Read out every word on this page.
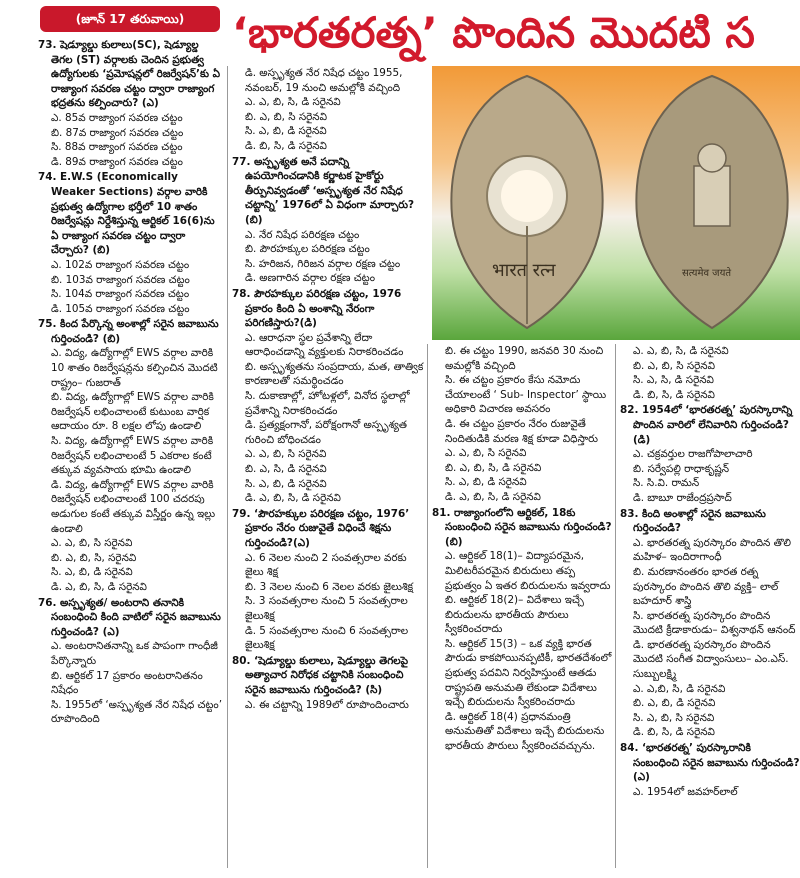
(జూన్ 17 తరువాయి)	‘భారతరత్న’ పొందిన మొదటి స
भारत रत्न	सत्यमेव जयते
73. షెడ్యూల్డు కులాలు(SC), షెడ్యూల్డ తెగల (ST) వర్గాలకు చెందిన ప్రభుత్వ ఉద్యోగులకు ‘ప్రమోషన్లలో రిజర్వేషన్’కు ఏ రాజ్యాంగ సవరణ చట్టం ద్వారా రాజ్యాంగ భద్రతను కల్పించారు? (ఎ)
ఎ. 85వ రాజ్యాంగ సవరణ చట్టం
బి. 87వ రాజ్యాంగ సవరణ చట్టం
సి. 88వ రాజ్యాంగ సవరణ చట్టం
డి. 89వ రాజ్యాంగ సవరణ చట్టం
74. E.W.S (Economically Weaker Sections) వర్గాల వారికి ప్రభుత్వ ఉద్యోగాల భర్తీలో 10 శాతం రిజర్వేషన్లు నిర్దేశిస్తున్న ఆర్టికల్ 16(6)ను ఏ రాజ్యాంగ సవరణ చట్టం ద్వారా చేర్చారు? (బి)
ఎ. 102వ రాజ్యాంగ సవరణ చట్టం
బి. 103వ రాజ్యాంగ సవరణ చట్టం
సి. 104వ రాజ్యాంగ సవరణ చట్టం
డి. 105వ రాజ్యాంగ సవరణ చట్టం
75. కింద పేర్కొన్న అంశాల్లో సరైన జవాబును గుర్తించండి? (బి)
ఎ. విద్య, ఉద్యోగాల్లో EWS వర్గాల వారికి 10 శాతం రిజర్వేషన్లను కల్పించిన మొదటి రాష్ట్రం– గుజరాత్
బి. విద్య, ఉద్యోగాల్లో EWS వర్గాల వారికి రిజర్వేషన్ లభించాలంటే కుటుంబ వార్షిక ఆదాయం రూ. 8 లక్షల లోపు ఉండాలి
సి. విద్య, ఉద్యోగాల్లో EWS వర్గాల వారికి రిజర్వేషన్ లభించాలంటే 5 ఎకరాల కంటే తక్కువ వ్యవసాయ భూమి ఉండాలి
డి. విద్య, ఉద్యోగాల్లో EWS వర్గాల వారికి రిజర్వేషన్ లభించాలంటే 100 చదరపు అడుగుల కంటే తక్కువ విస్తీర్ణం ఉన్న ఇల్లు ఉండాలి
ఎ. ఎ, బి, సి సరైనవి
బి. ఎ, బి, సి, సరైనవి
సి. ఎ, బి, డి సరైనవి
డి. ఎ, బి, సి, డి సరైనవి
76. అస్పృశ్యత/ అంటరాని తనానికి సంబంధించి కింది వాటిలో సరైన జవాబును గుర్తించండి? (ఎ)
ఎ. అంటరానితనాన్ని ఒక పాపంగా గాంధీజీ పేర్కొన్నారు
బి. ఆర్టికల్ 17 ప్రకారం అంటరానితనం నిషేధం
సి. 1955లో ‘అస్పృశ్యత నేర నిషేధ చట్టం’ రూపొందింది
డి. అస్పృశ్యత నేర నిషేధ చట్టం 1955, నవంబర్, 19 నుంచి అమల్లోకి వచ్చింది
ఎ. ఎ, బి, సి, డి సరైనవి
బి. ఎ, బి, సి సరైనవి
సి. ఎ, బి, డి సరైనవి
డి. బి, సి, డి సరైనవి
77. అస్పృశ్యత అనే పదాన్ని ఉపయోగించడానికి కర్ణాటక హైకోర్టు తీర్పునివ్వడంతో ‘అస్పృశ్యత నేర నిషేధ చట్టాన్ని’ 1976లో ఏ విధంగా మార్చారు? (బి)
ఎ. నేర నిషేధ పరిరక్షణ చట్టం
బి. పౌరహక్కుల పరిరక్షణ చట్టం
సి. హరిజన, గిరిజన వర్గాల రక్షణ చట్టం
డి. అణగారిన వర్గాల రక్షణ చట్టం
78. పౌరహక్కుల పరిరక్షణ చట్టం, 1976 ప్రకారం కింది ఏ అంశాన్ని నేరంగా పరిగణిస్తారు?(డి)
ఎ. ఆరాధనా స్థల ప్రవేశాన్ని లేదా ఆరాధించడాన్ని వ్యక్తులకు నిరాకరించడం
బి. అస్పృశ్యతను సంప్రదాయ, మత, తాత్విక కారణాలతో సమర్థించడం
సి. దుకాణాల్లో, హోటళ్లలో, వినోద స్థలాల్లో ప్రవేశాన్ని నిరాకరించడం
డి. ప్రత్యక్షంగానో, పరోక్షంగానో అస్పృశ్యత గురించి బోధించడం
ఎ. ఎ, బి, సి సరైనవి
బి. ఎ, సి, డి సరైనవి
సి. ఎ, బి, డి సరైనవి
డి. ఎ, బి, సి, డి సరైనవి
79. ‘పౌరహక్కుల పరిరక్షణ చట్టం, 1976’ ప్రకారం నేరం రుజువైతే విధించే శిక్షను గుర్తించండి?(ఎ)
ఎ. 6 నెలల నుంచి 2 సంవత్సరాల వరకు జైలు శిక్ష
బి. 3 నెలల నుంచి 6 నెలల వరకు జైలుశిక్ష
సి. 3 సంవత్సరాల నుంచి 5 సంవత్సరాల జైలుశిక్ష
డి. 5 సంవత్సరాల నుంచి 6 సంవత్సరాల జైలుశిక్ష
80. ‘షెడ్యూల్డు కులాలు, షెడ్యూల్డు తెగలపై అత్యాచార నిరోధక చట్టానికి సంబంధించి సరైన జవాబును గుర్తించండి? (సి)
ఎ. ఈ చట్టాన్ని 1989లో రూపొందించారు
బి. ఈ చట్టం 1990, జనవరి 30 నుంచి అమల్లోకి వచ్చింది
సి. ఈ చట్టం ప్రకారం కేసు నమోదు చేయాలంటే ‘ Sub- Inspector’ స్థాయి అధికారి విచారణ అవసరం
డి. ఈ చట్టం ప్రకారం నేరం రుజువైతే నిందితుడికి మరణ శిక్ష కూడా విధిస్తారు
ఎ. ఎ, బి, సి సరైనవి
బి. ఎ, బి, సి, డి సరైనవి
సి. ఎ, బి, డి సరైనవి
డి. ఎ, బి, సి, డి సరైనవి
81. రాజ్యాంగంలోని ఆర్టికల్, 18కు సంబంధించి సరైన జవాబును గుర్తించండి? (బి)
ఎ. ఆర్టికల్ 18(1)– విద్యాపరమైన, మిలిటరీపరమైన బిరుదులు తప్ప ప్రభుత్వం ఏ ఇతర బిరుదులను ఇవ్వరాదు
బి. ఆర్టికల్ 18(2)– విదేశాలు ఇచ్చే బిరుదులను భారతీయ పౌరులు స్వీకరించరాదు
సి. ఆర్టికల్ 15(3) – ఒక వ్యక్తి భారత పౌరుడు కాకపోయినప్పటికీ, భారతదేశంలో ప్రభుత్వ పదవిని నిర్వహిస్తుంటే ఆతడు రాష్ట్రపతి అనుమతి లేకుండా విదేశాలు ఇచ్చే బిరుదులను స్వీకరించరాదు
డి. ఆర్టికల్ 18(4) ప్రధానమంత్రి అనుమతితో విదేశాలు ఇచ్చే బిరుదులను భారతీయ పౌరులు స్వీకరించవచ్చును.
ఎ. ఎ, బి, సి, డి సరైనవి
బి. ఎ, బి, సి సరైనవి
సి. ఎ, సి, డి సరైనవి
డి. బి, సి, డి సరైనవి
82. 1954లో ‘భారతరత్న’ పురస్కారాన్ని పొందిన వారిలో లేనివారిని గుర్తించండి? (డి)
ఎ. చక్రవర్తుల రాజగోపాలాచారి
బి. సర్వేపల్లి రాధాకృష్ణన్
సి. సి.వి. రామన్
డి. బాబూ రాజేంద్రప్రసాద్
83. కింది అంశాల్లో సరైన జవాబును గుర్తించండి?
ఎ. భారతరత్న పురస్కారం పొందిన తొలి మహిళ– ఇందిరాగాంధీ
బి. మరణానంతరం భారత రత్న పురస్కారం పొందిన తొలి వ్యక్తి– లాల్ బహదూర్ శాస్త్రి
సి. భారతరత్న పురస్కారం పొందిన మొదటి క్రీడాకారుడు– విశ్వనాథన్ ఆనంద్
డి. భారతరత్న పురస్కారం పొందిన మొదటి సంగీత విద్వాంసులు– ఎం.ఎస్. సుబ్బులక్ష్మి
ఎ. ఎ,బి, సి, డి సరైనవి
బి. ఎ, బి, డి సరైనవి
సి. ఎ, బి, సి సరైనవి
డి. బి, సి, డి సరైనవి
84. ‘భారతరత్న’ పురస్కారానికి సంబంధించి సరైన జవాబును గుర్తించండి? (ఎ)
ఎ. 1954లో జవహర్‌లాల్
